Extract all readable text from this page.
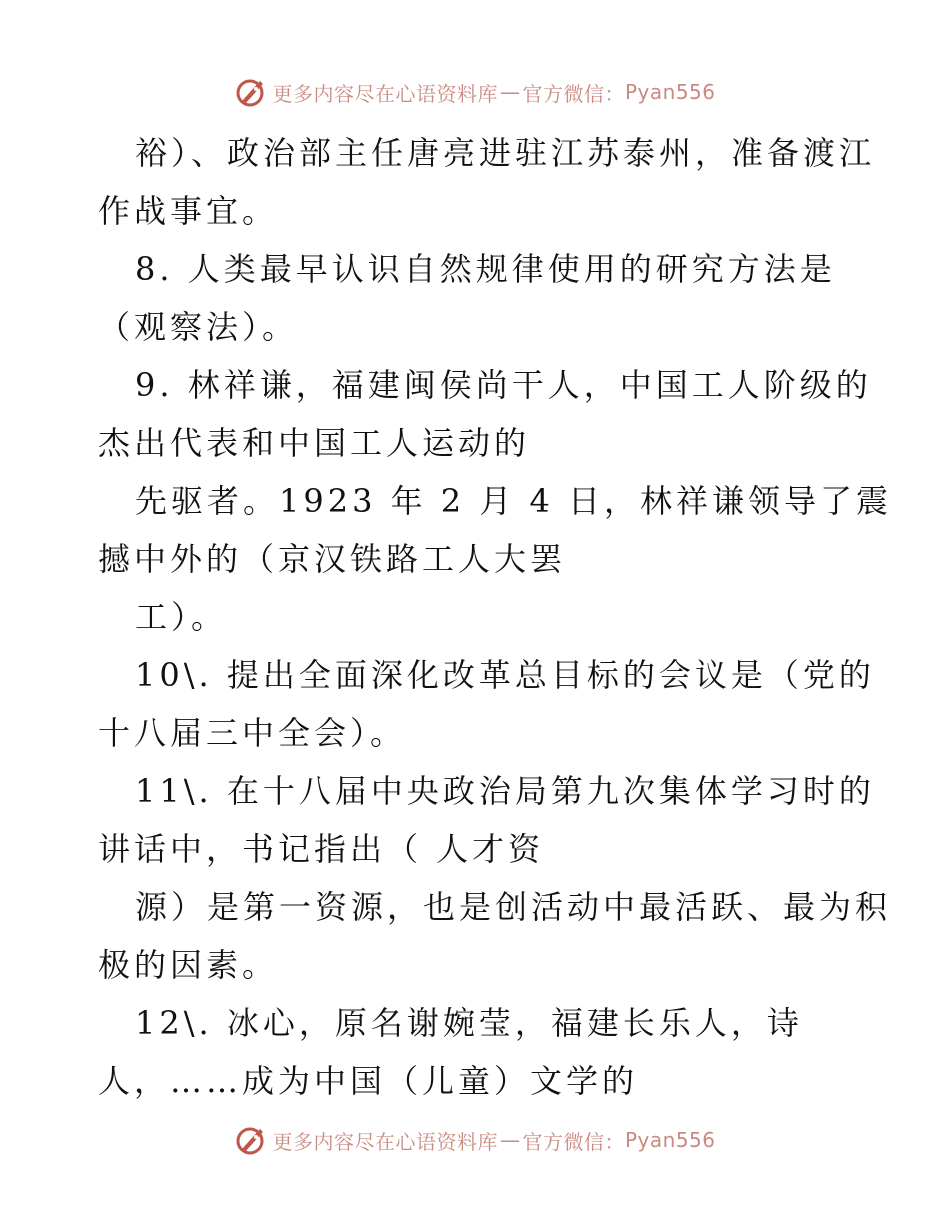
更多内容尽在心语资料库 — 官方微信： Pyan556

裕）、政治部主任唐亮进驻江苏泰州，准备渡江

作战事宜。

8. 人类最早认识自然规律使用的研究方法是

（观察法）。

9. 林祥谦，福建闽侯尚干人，中国工人阶级的

杰出代表和中国工人运动的

先驱者。1923 年 2 月 4 日，林祥谦领导了震

撼中外的（京汉铁路工人大罢

工）。

10\. 提出全面深化改革总目标的会议是（党的

十八届三中全会）。

11\. 在十八届中央政治局第九次集体学习时的

讲话中，书记指出（ 人才资

源）是第一资源，也是创活动中最活跃、最为积

极的因素。

12\. 冰心，原名谢婉莹，福建长乐人，诗

人，……成为中国（儿童）文学的

更多内容尽在心语资料库 — 官方微信： Pyan556
